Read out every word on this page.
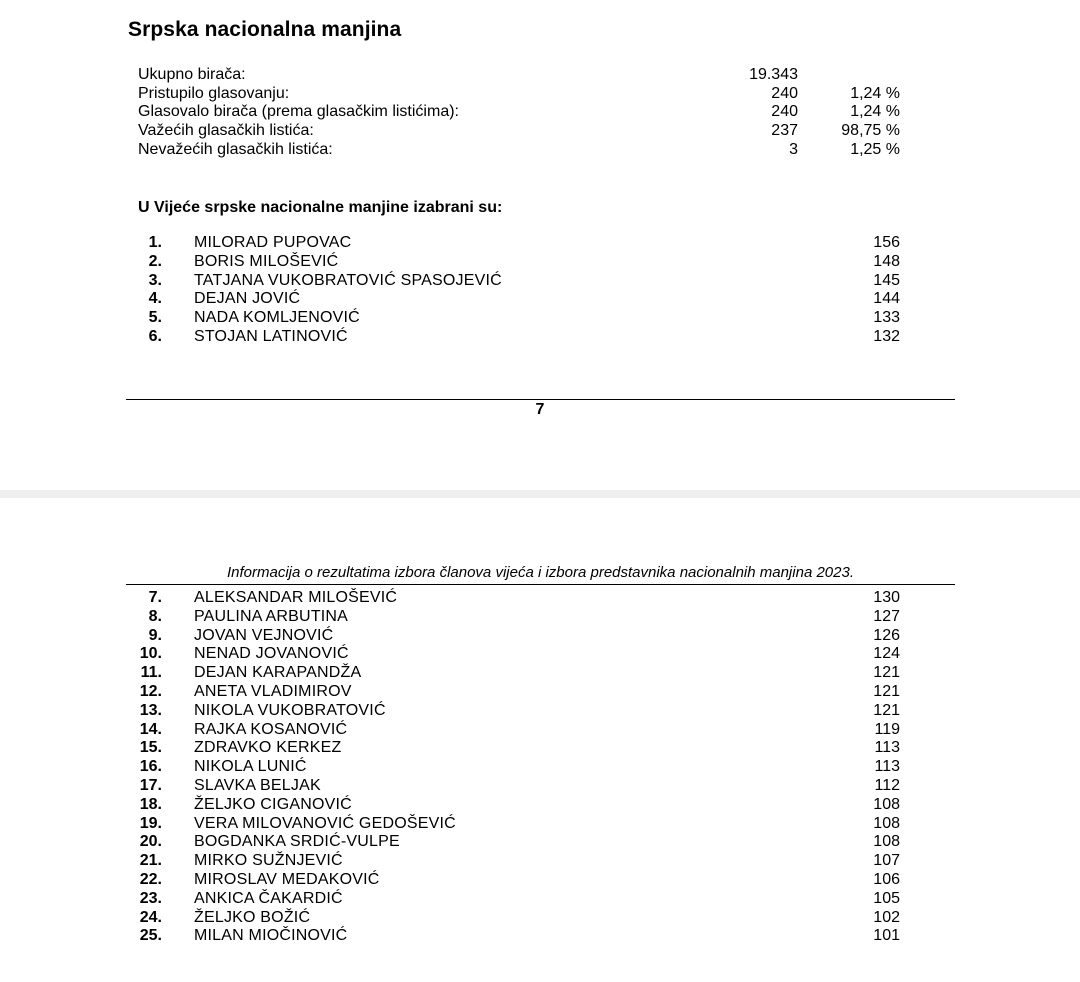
Srpska nacionalna manjina
Ukupno birača:	19.343
Pristupilo glasovanju:	240	1,24 %
Glasovalo birača (prema glasačkim listićima):	240	1,24 %
Važećih glasačkih listića:	237	98,75 %
Nevažećih glasačkih listića:	3	1,25 %
U Vijeće srpske nacionalne manjine izabrani su:
1. MILORAD PUPOVAC	156
2. BORIS MILOŠEVIĆ	148
3. TATJANA VUKOBRATOVIĆ SPASOJEVIĆ	145
4. DEJAN JOVIĆ	144
5. NADA KOMLJENOVIĆ	133
6. STOJAN LATINOVIĆ	132
7
Informacija o rezultatima izbora članova vijeća i izbora predstavnika nacionalnih manjina 2023.
7. ALEKSANDAR MILOŠEVIĆ	130
8. PAULINA ARBUTINA	127
9. JOVAN VEJNOVIĆ	126
10. NENAD JOVANOVIĆ	124
11. DEJAN KARAPANDŽA	121
12. ANETA VLADIMIROV	121
13. NIKOLA VUKOBRATOVIĆ	121
14. RAJKA KOSANOVIĆ	119
15. ZDRAVKO KERKEZ	113
16. NIKOLA LUNIĆ	113
17. SLAVKA BELJAK	112
18. ŽELJKO CIGANOVIĆ	108
19. VERA MILOVANOVIĆ GEDOŠEVIĆ	108
20. BOGDANKA SRDIĆ-VULPE	108
21. MIRKO SUŽNJEVIĆ	107
22. MIROSLAV MEDAKOVIĆ	106
23. ANKICA ČAKARDIĆ	105
24. ŽELJKO BOŽIĆ	102
25. MILAN MIOČINOVIĆ	101
